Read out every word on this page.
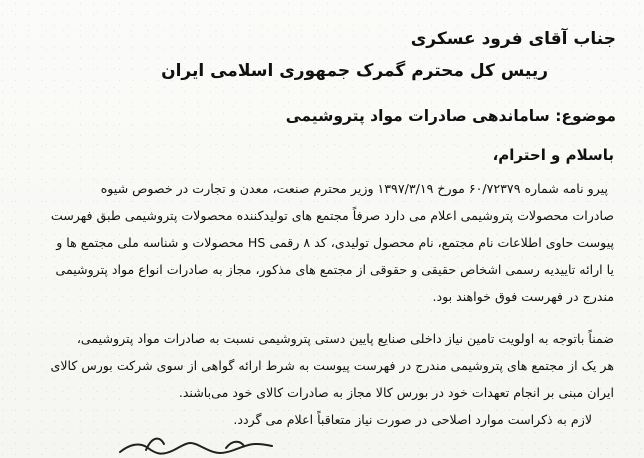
جناب آقای فرود عسکری
رییس کل محترم گمرک جمهوری اسلامی ایران
موضوع: ساماندهی صادرات مواد پتروشیمی
باسلام و احترام،
پیرو نامه شماره ۶۰/۷۲۳۷۹ مورخ ۱۳۹۷/۳/۱۹ وزیر محترم صنعت، معدن و تجارت در خصوص شیوه
صادرات محصولات پتروشیمی اعلام می دارد صرفاً مجتمع های تولیدکننده محصولات پتروشیمی طبق فهرست
پیوست حاوی اطلاعات نام مجتمع، نام محصول تولیدی، کد ۸ رقمی HS محصولات و شناسه ملی مجتمع ها و
یا ارائه تاییدیه رسمی اشخاص حقیقی و حقوقی از مجتمع های مذکور، مجاز به صادرات انواع مواد پتروشیمی
مندرج در فهرست فوق خواهند بود.
ضمناً باتوجه به اولویت تامین نیاز داخلی صنایع پایین دستی پتروشیمی نسبت به صادرات مواد پتروشیمی،
هر یک از مجتمع های پتروشیمی مندرج در فهرست پیوست به شرط ارائه گواهی از سوی شرکت بورس کالای
ایران مبنی بر انجام تعهدات خود در بورس کالا مجاز به صادرات کالای خود می‌باشند.
لازم به ذکراست موارد اصلاحی در صورت نیاز متعاقباً اعلام می گردد.
